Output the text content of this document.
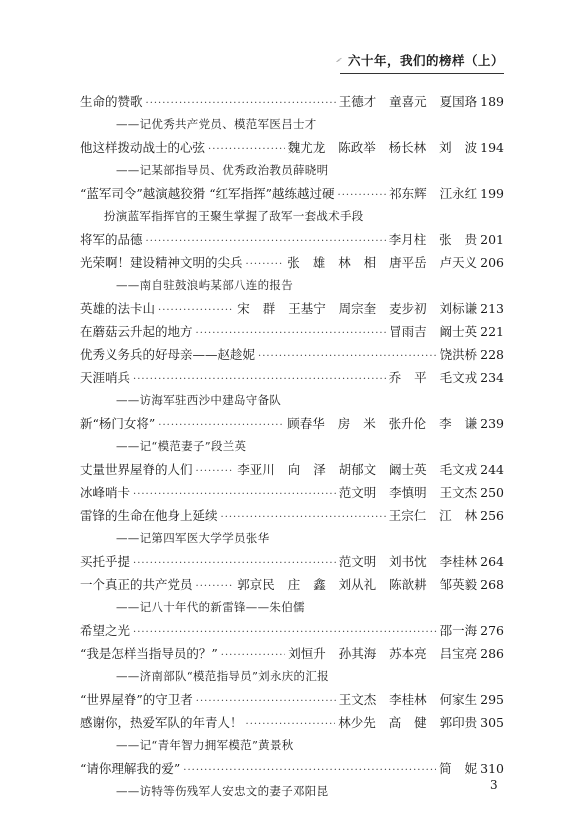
六十年，我们的榜样（上）
生命的赞歌 ·····	王德才 童喜元 夏国珞 189
——记优秀共产党员、模范军医吕士才
他这样拨动战士的心弦 ·····	魏尤龙 陈政举 杨长林 刘 波 194
——记某部指导员、优秀政治教员薛晓明
“蓝军司令”越演越狡猾 “红军指挥”越练越过硬 ·····	祁东辉 江永红 199
扮演蓝军指挥官的王聚生掌握了敌军一套战术手段
将军的品德 ·····	李月柱 张 贵 201
光荣啊！建设精神文明的尖兵 ·····	张 雄 林 相 唐平岳 卢天义 206
——南自驻鼓浪屿某部八连的报告
英雄的法卡山 ·····	宋 群 王基宁 周宗奎 麦步初 刘标谦 213
在蘑菇云升起的地方 ·····	冒雨吉 阚士英 221
优秀义务兵的好母亲——赵趁妮 ·····	饶洪桥 228
天涯哨兵 ·····	乔 平 毛文戎 234
——访海军驻西沙中建岛守备队
新“杨门女将” ·····	顾春华 房 米 张升伦 李 谦 239
——记“模范妻子”段兰英
丈量世界屋脊的人们 ·····	李亚川 向 泽 胡郁文 阚士英 毛文戎 244
冰峰哨卡 ·····	范文明 李慎明 王文杰 250
雷锋的生命在他身上延续 ·····	王宗仁 江 林 256
——记第四军医大学学员张华
买托乎提 ·····	范文明 刘书忱 李桂林 264
一个真正的共产党员 ·····	郭京民 庄 鑫 刘从礼 陈歆耕 邹英毅 268
——记八十年代的新雷锋——朱伯儒
希望之光 ·····	邵一海 276
“我是怎样当指导员的？” ·····	刘恒升 孙其海 苏本亮 吕宝亮 286
——济南部队“模范指导员”刘永庆的汇报
“世界屋脊”的守卫者 ·····	王文杰 李桂林 何家生 295
感谢你，热爱军队的年青人！ ·····	林少先 高 健 郭印贵 305
——记“青年智力拥军模范”黄景秋
“请你理解我的爱” ·····	简 妮 310
——访特等伤残军人安忠文的妻子邓阳昆	3
